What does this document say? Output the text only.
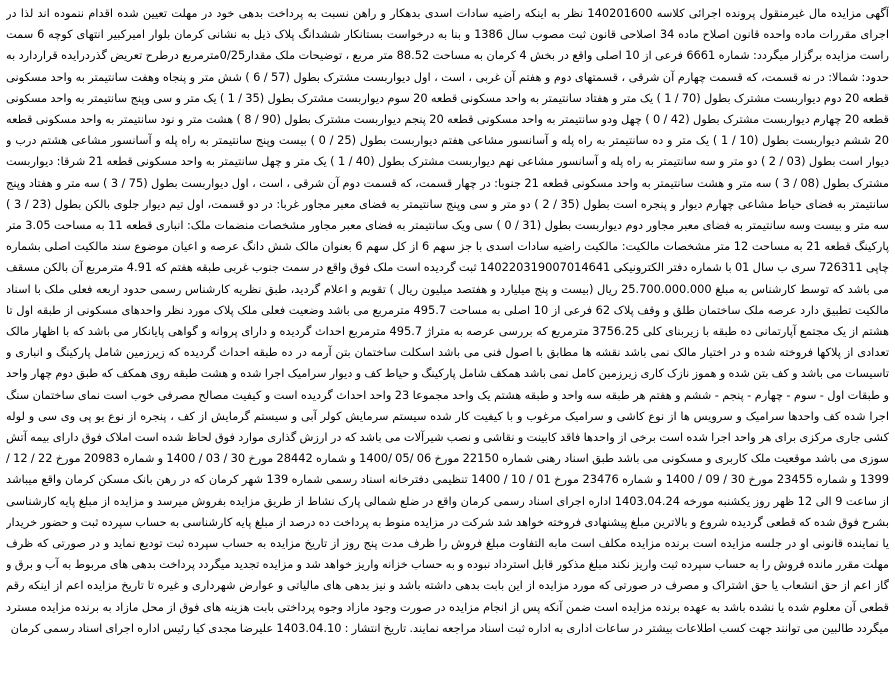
آگهی مزایده مال غیرمنقول پرونده اجرائی کلاسه 140201600 نظر به اینکه راضیه سادات اسدی بدهکار و راهن نسبت به پرداخت بدهی خود در مهلت تعیین شده اقدام ننموده اند لذا در اجرای مقررات ماده واحده قانون اصلاح ماده 34 اصلاحی قانون ثبت مصوب سال 1386 و بنا به درخواست بستانکار ششدانگ پلاک ذیل به نشانی کرمان بلوار امیرکبیر انتهای کوچه 6 سمت راست مزایده برگزار میگردد: شماره 6661 فرعی از 10 اصلی واقع در بخش 4 کرمان به مساحت 88.52 متر مربع ، توضیحات ملک مقدار0/25مترمربع درطرح تعریض گذردرایده قراردارد به حدود: شمالا: در نه قسمت، که قسمت چهارم آن شرقی ، قسمتهای دوم و هفتم آن غربی ، است ، اول دیواربست مشترک بطول (57 / 6 ) شش متر و پنجاه وهفت سانتیمتر به واحد مسکونی قطعه 20 دوم دیواربست مشترک بطول (70 / 1 ) یک متر و هفتاد سانتیمتر به واحد مسکونی قطعه 20 سوم دیواربست مشترک بطول (35 / 1 ) یک متر و سی وپنج سانتیمتر به واحد مسکونی قطعه 20 چهارم دیواربست مشترک بطول (42 / 0 ) چهل ودو سانتیمتر به واحد مسکونی قطعه 20 پنجم دیواربست مشترک بطول (90 / 8 ) هشت متر و نود سانتیمتر به واحد مسکونی قطعه 20 ششم دیواربست بطول (10 / 1 ) یک متر و ده سانتیمتر به راه پله و آسانسور مشاعی هفتم دیواربست بطول (25 / 0 ) بیست وپنج سانتیمتر به راه پله و آسانسور مشاعی هشتم درب و دیوار است بطول (03 / 2 ) دو متر و سه سانتیمتر به راه پله و آسانسور مشاعی نهم دیواربست مشترک بطول (40 / 1 ) یک متر و چهل سانتیمتر به واحد مسکونی قطعه 21 شرقا: دیواربست مشترک بطول (08 / 3 ) سه متر و هشت سانتیمتر به واحد مسکونی قطعه 21 جنوبا: در چهار قسمت، که قسمت دوم آن شرقی ، است ، اول دیواربست بطول (75 / 3 ) سه متر و هفتاد وپنج سانتیمتر به فضای حیاط مشاعی چهارم دیوار و پنجره است بطول (35 / 2 ) دو متر و سی وپنج سانتیمتر به فضای معبر مجاور غربا: در دو قسمت، اول تیم دیوار جلوی بالکن بطول (23 / 3 ) سه متر و بیست وسه سانتیمتر به فضای معبر مجاور دوم دیواربست بطول (31 / 0 ) سی ویک سانتیمتر به فضای معبر مجاور مشخصات منضمات ملک: انباری قطعه 11 به مساحت 3.05 متر پارکینگ قطعه 21 به مساحت 12 متر مشخصات مالکیت: مالکیت راضیه سادات اسدی با جز سهم 6 از کل سهم 6 بعنوان مالک شش دانگ عرصه و اعیان موضوع سند مالکیت اصلی بشماره چاپی 726311 سری ب سال 01 با شماره دفتر الکترونیکی 140220319007014641 ثبت گردیده است ملک فوق واقع در سمت جنوب غربی طبقه هفتم که 4.91 مترمربع آن بالکن مسقف می باشد که توسط کارشناس به مبلغ 25.700.000.000 ریال (بیست و پنج میلیارد و هفتصد میلیون ریال ) تقویم و اعلام گردید، طبق نظریه کارشناس رسمی حدود اربعه فعلی ملک با اسناد مالکیت تطبیق دارد عرصه ملک ساختمان طلق و وقف پلاک 62 فرعی از 10 اصلی به مساحت 495.7 مترمربع می باشد وضعیت فعلی ملک پلاک مورد نظر واحدهای مسکونی از طبقه اول تا هشتم از یک مجتمع آپارتمانی ده طبقه با زیربنای کلی 3756.25 مترمربع که بررسی عرصه به متراژ 495.7 مترمربع احداث گردیده و دارای پروانه و گواهی پایانکار می باشد که با اظهار مالک تعدادی از پلاکها فروخته شده و در اختیار مالک نمی باشد نقشه ها مطابق با اصول فنی می باشد اسکلت ساختمان بتن آرمه در ده طبقه احداث گردیده که زیرزمین شامل پارکینگ و انباری و تاسیسات می باشد و کف بتن شده و هموز نازک کاری زیرزمین کامل نمی باشد همکف شامل پارکینگ و حیاط کف و دیوار سرامیک اجرا شده و هشت طبقه روی همکف که طبق دوم چهار واحد و طبقات اول - سوم - چهارم - پنجم - ششم و هفتم هر طبقه سه واحد و طبقه هشتم یک واحد مجموعا 23 واحد احداث گردیده است و کیفیت مصالح مصرفی خوب است نمای ساختمان سنگ اجرا شده کف واحدها سرامیک و سرویس ها از نوع کاشی و سرامیک مرغوب و با کیفیت کار شده سیستم سرمایش کولر آبی و سیستم گرمایش از کف ، پنجره از نوع یو پی وی سی و لوله کشی جاری مرکزی برای هر واحد اجرا شده است برخی از واحدها فاقد کابینت و نقاشی و نصب شیرآلات می باشد که در ارزش گذاری موارد فوق لحاظ شده است املاک فوق دارای بیمه آتش سوزی می باشد موقعیت ملک کاربری و مسکونی می باشد طبق اسناد رهنی شماره 22150 مورخ 06 /05 /1400 و شماره 28442 مورخ 30 / 03 / 1400 و شماره 20983 مورخ 22 / 12 / 1399 و شماره 23455 مورخ 30 / 09 / 1400 و شماره 23476 مورخ 01 / 10 / 1400 تنظیمی دفترخانه اسناد رسمی شماره 139 شهر کرمان که در رهن بانک مسکن کرمان واقع میباشد از ساعت 9 الی 12 ظهر روز یکشنبه مورخه 1403.04.24 اداره اجرای اسناد رسمی کرمان واقع در ضلع شمالی پارک نشاط از طریق مزایده بفروش میرسد و مزایده از مبلغ پایه کارشناسی بشرح فوق شده که قطعی گردیده شروع و بالاترین مبلغ پیشنهادی فروخته خواهد شد شرکت در مزایده منوط به پرداخت ده درصد از مبلغ پایه کارشناسی به حساب سپرده ثبت و حضور خریدار یا نماینده قانونی او در جلسه مزایده است برنده مزایده مکلف است مابه التفاوت مبلغ فروش را ظرف مدت پنج روز از تاریخ مزایده به حساب سپرده ثبت تودیع نماید و در صورتی که ظرف مهلت مقرر مانده فروش را به حساب سپرده ثبت واریز نکند مبلغ مذکور قابل استرداد نبوده و به حساب خزانه واریز خواهد شد و مزایده تجدید میگردد پرداخت بدهی های مربوط به آب و برق و گاز اعم از حق انشعاب یا حق اشتراک و مصرف در صورتی که مورد مزایده از این بابت بدهی داشته باشد و نیز بدهی های مالیاتی و عوارض شهرداری و غیره تا تاریخ مزایده اعم از اینکه رقم قطعی آن معلوم شده یا نشده باشد به عهده برنده مزایده است ضمن آنکه پس از انجام مزایده در صورت وجود مازاد وجوه پرداختی بابت هزینه های فوق از محل مازاد به برنده مزایده مسترد میگردد طالبین می توانند جهت کسب اطلاعات بیشتر در ساعات اداری به اداره ثبت اسناد مراجعه نمایند. تاریخ انتشار : 1403.04.10 علیرضا مجدی کیا رئیس اداره اجرای اسناد رسمی کرمان
